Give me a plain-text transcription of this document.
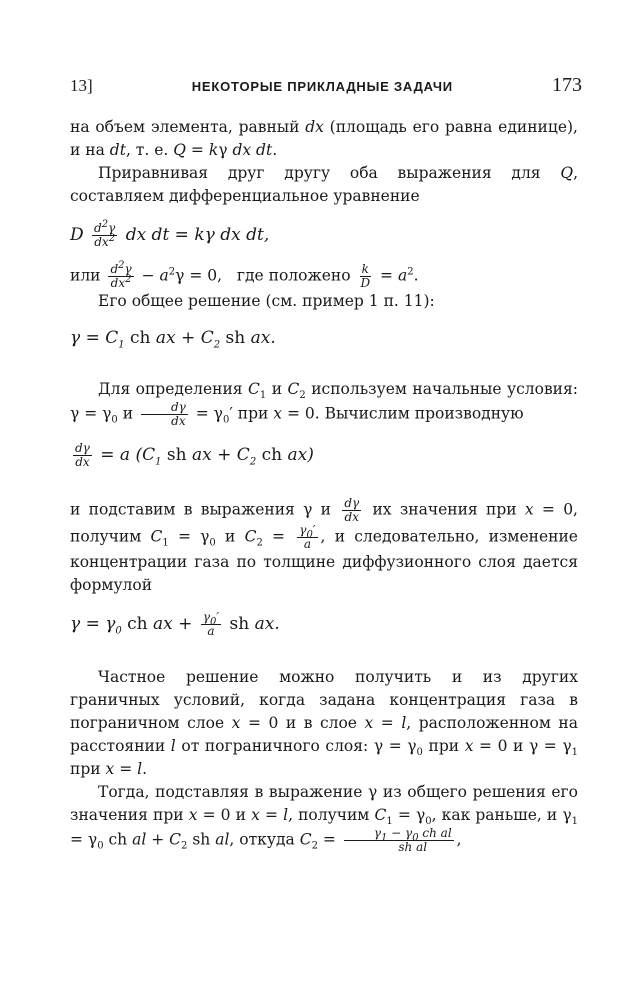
13]	НЕКОТОРЫЕ ПРИКЛАДНЫЕ ЗАДАЧИ	173

на объем элемента, равный dx (площадь его равна единице), и на dt, т. е. Q = kγ dx dt.

Приравнивая друг другу оба выражения для Q, составляем дифференциальное уравнение

D $\frac{d^2\gamma}{dx^2}$ dx dt = kγ dx dt,

или $\frac{d^2\gamma}{dx^2} - a^2\gamma = 0$,   где положено $\frac{k}{D} = a^2$.

Его общее решение (см. пример 1 п. 11):

$\gamma = C_1$ ch ax + $C_2$ sh ax.

Для определения $C_1$ и $C_2$ используем начальные условия: $\gamma = \gamma_0$ и $\frac{d\gamma}{dx} = \gamma_0'$ при x = 0. Вычислим производную

$\frac{d\gamma}{dx} = a$ ($C_1$ sh ax + $C_2$ ch ax)

и подставим в выражения γ и $\frac{d\gamma}{dx}$ их значения при x = 0, получим $C_1 = \gamma_0$ и $C_2 = \frac{\gamma_0'}{a}$ , и следовательно, изменение концентрации газа по толщине диффузионного слоя дается формулой

$\gamma = \gamma_0$ ch ax + $\frac{\gamma_0'}{a}$ sh ax.

Частное решение можно получить и из других граничных условий, когда задана концентрация газа в пограничном слое x = 0 и в слое x = l, расположенном на расстоянии l от пограничного слоя: $\gamma = \gamma_0$ при x = 0 и $\gamma = \gamma_1$ при x = l.

Тогда, подставляя в выражение γ из общего решения его значения при x = 0 и x = l, получим $C_1 = \gamma_0$, как раньше, и $\gamma_1 = \gamma_0$ ch al + $C_2$ sh al, откуда $C_2 = \frac{\gamma_1 - \gamma_0 ch al}{\text{sh al}}$ ,
